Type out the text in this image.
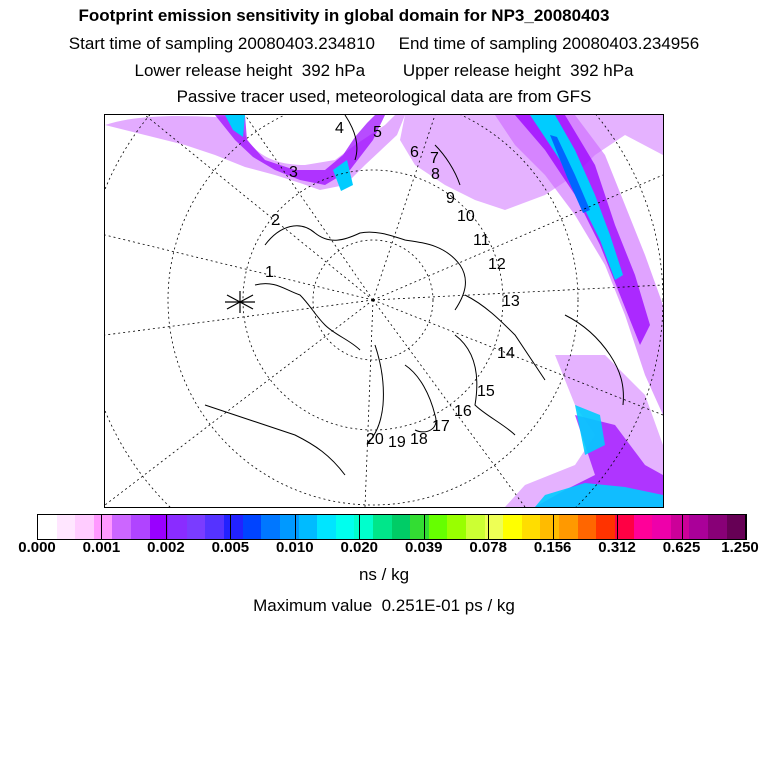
Footprint emission sensitivity in global domain for NP3_20080403
Start time of sampling 20080403.234810     End time of sampling 20080403.234956
Lower release height  392 hPa        Upper release height  392 hPa
Passive tracer used, meteorological data are from GFS
1
2
3
4 5
6 7
8
9
10
11
12
13
14
15
16
17
18
19
20
0.000 0.001 0.002 0.005 0.010 0.020 0.039 0.078 0.156 0.312 0.625 1.250
ns / kg
Maximum value  0.251E-01 ps / kg
